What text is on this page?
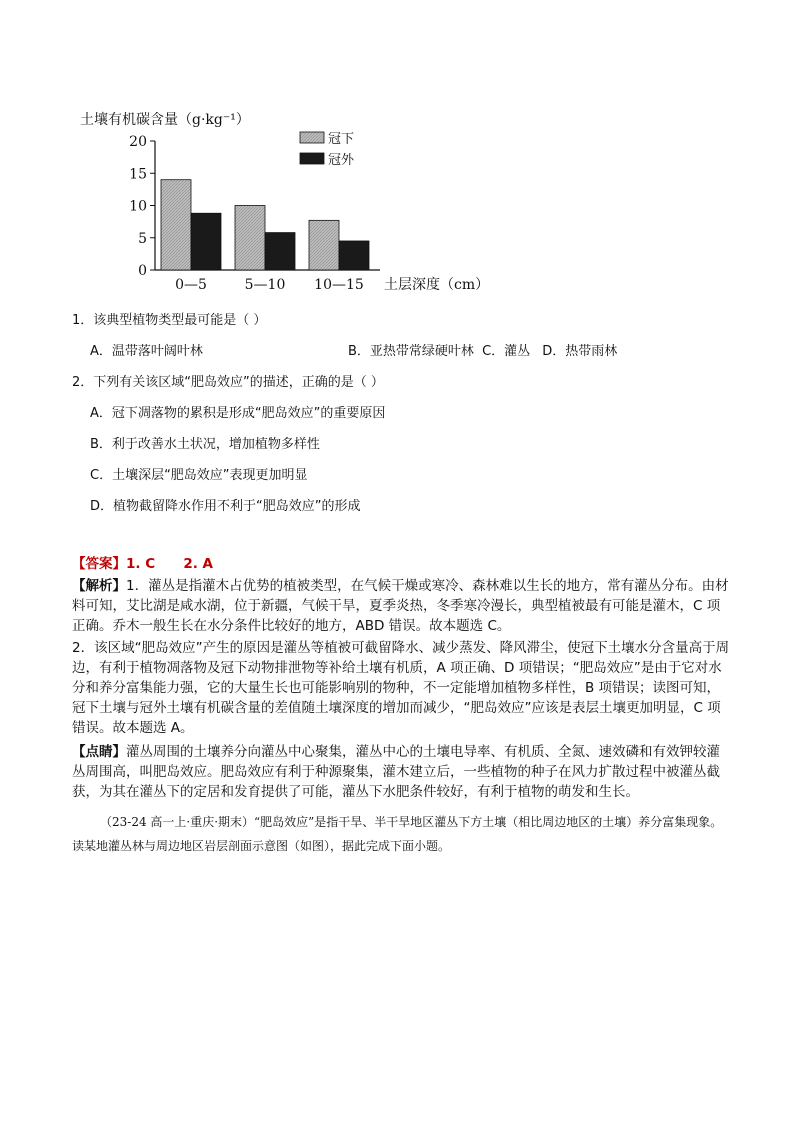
土壤有机碳含量（g·kg⁻¹）
0
5
10
15
20
0—5	5—10 10—15 土层深度（cm）
冠下
冠外
1．该典型植物类型最可能是（ ）
A．温带落叶阔叶林	B．亚热带常绿硬叶林 C．灌丛 D．热带雨林
2．下列有关该区域“肥岛效应”的描述，正确的是（ ）
A．冠下凋落物的累积是形成“肥岛效应”的重要原因
B．利于改善水土状况，增加植物多样性
C．土壤深层“肥岛效应”表现更加明显
D．植物截留降水作用不利于“肥岛效应”的形成
【答案】1. C      2. A
【解析】1．灌丛是指灌木占优势的植被类型，在气候干燥或寒冷、森林难以生长的地方，常有灌丛分布。由材料可知，艾比湖是咸水湖，位于新疆，气候干旱，夏季炎热，冬季寒冷漫长，典型植被最有可能是灌木，C 项正确。乔木一般生长在水分条件比较好的地方，ABD 错误。故本题选 C。
2．该区域“肥岛效应”产生的原因是灌丛等植被可截留降水、减少蒸发、降风滞尘，使冠下土壤水分含量高于周边，有利于植物凋落物及冠下动物排泄物等补给土壤有机质，A 项正确、D 项错误；“肥岛效应”是由于它对水分和养分富集能力强，它的大量生长也可能影响别的物种，不一定能增加植物多样性，B 项错误；读图可知，冠下土壤与冠外土壤有机碳含量的差值随土壤深度的增加而减少，“肥岛效应”应该是表层土壤更加明显，C 项错误。故本题选 A。
【点睛】灌丛周围的土壤养分向灌丛中心聚集，灌丛中心的土壤电导率、有机质、全氮、速效磷和有效钾较灌丛周围高，叫肥岛效应。肥岛效应有利于种源聚集，灌木建立后，一些植物的种子在风力扩散过程中被灌丛截获，为其在灌丛下的定居和发育提供了可能，灌丛下水肥条件较好，有利于植物的萌发和生长。
（23-24 高一上·重庆·期末）“肥岛效应”是指干旱、半干旱地区灌丛下方土壤（相比周边地区的土壤）养分富集现象。读某地灌丛林与周边地区岩层剖面示意图（如图），据此完成下面小题。
